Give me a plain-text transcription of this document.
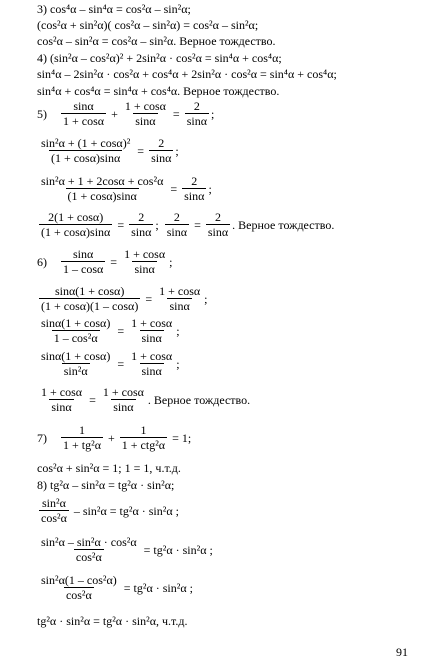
3) cos⁴α – sin⁴α = cos²α – sin²α;
(cos²α + sin²α)( cos²α – sin²α) = cos²α – sin²α;
cos²α – sin²α = cos²α – sin²α. Верное тождество.
4) (sin²α – cos²α)² + 2sin²α · cos²α = sin⁴α + cos⁴α;
sin⁴α – 2sin²α · cos²α + cos⁴α + 2sin²α · cos²α = sin⁴α + cos⁴α;
sin⁴α + cos⁴α = sin⁴α + cos⁴α. Верное тождество.
$5) \frac{\sin\alpha}{1 + \cos\alpha} + \frac{1 + \cos\alpha}{\sin\alpha} = \frac{2}{\sin\alpha}$ ;
$\frac{\text{sin²α + (1 + cosα)²}}{(1 + \cos\alpha)\sin\alpha} = \frac{2}{\sin\alpha}$ ;
$\frac{\text{sin²α + 1 + 2cosα + cos²α}}{(1 + \cos\alpha)\sin\alpha} = \frac{2}{\sin\alpha}$ ;
$\frac{2(1 + \cos\alpha)}{(1 + \cos\alpha)\sin\alpha} = \frac{2}{\sin\alpha}$ ; $\frac{2}{\sin\alpha} = \frac{2}{\sin\alpha}$ . Верное тождество.
$6) \frac{\sin\alpha}{1 - \cos\alpha} = \frac{1 + \cos\alpha}{\sin\alpha}$ ;
$\frac{\sin\alpha(1 + \cos\alpha)}{(1 + \cos\alpha)(1 - \cos\alpha)} = \frac{1 + \cos\alpha}{\sin\alpha}$ ;
$\frac{\sin\alpha(1 + \cos\alpha)}{\text{1 – cos²α}} = \frac{1 + \cos\alpha}{\sin\alpha}$ ;
$\frac{\sin\alpha(1 + \cos\alpha)}{\text{sin²α}} = \frac{1 + \cos\alpha}{\sin\alpha}$ ;
$\frac{1 + \cos\alpha}{\sin\alpha} = \frac{1 + \cos\alpha}{\sin\alpha}$ . Верное тождество.
$7) \frac{1}{\text{1 + tg²α}}$ +
1
1 + ctg²α
= 1;
cos²α + sin²α = 1; 1 = 1, ч.т.д.
8) tg²α – sin²α = tg²α · sin²α;
$\frac{\text{sin²α}}{\text{cos²α}} - \sin^2\alpha = tg^2\alpha \cdot \sin^2\alpha$ ;
$\frac{\text{sin²α – sin²α · cos²α}}{\text{cos²α}} = tg^2\alpha \cdot \sin^2\alpha$ ;
$\frac{\text{sin²α(1 – cos²α)}}{\text{cos²α}} = tg^2\alpha \cdot \sin^2\alpha$ ;
tg²α · sin²α = tg²α · sin²α, ч.т.д.
91
